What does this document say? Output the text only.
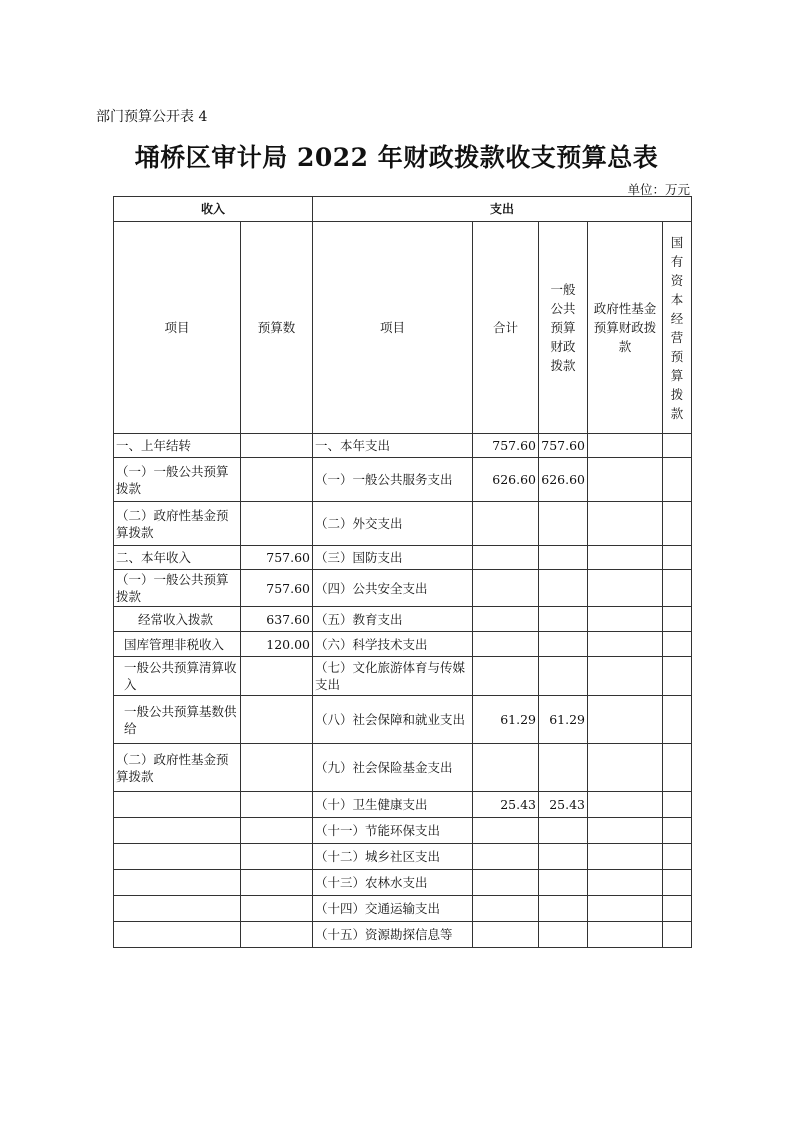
部门预算公开表 4
埇桥区审计局 2022 年财政拨款收支预算总表
单位：万元
收入		支出				
项目	预算数	项目	合计	一般公共预算财政拨款	政府性基金预算财政拨款	国有资本经营预算拨款

一、上年结转		一、本年支出	757.60	757.60		
（一）一般公共预算拨款		（一）一般公共服务支出	626.60	626.60		
（二）政府性基金预算拨款		（二）外交支出				
二、本年收入	757.60	（三）国防支出				
（一）一般公共预算 拨款	757.60	（四）公共安全支出				
经常收入拨款	637.60	（五）教育支出				
国库管理非税收入	120.00	（六）科学技术支出				
一般公共预算清算收入		（七）文化旅游体育与传媒支出				
一般公共预算基数供给		（八）社会保障和就业支出	61.29	61.29		
（二）政府性基金预 算拨款		（九）社会保险基金支出				
		（十）卫生健康支出	25.43	25.43		
		（十一）节能环保支出				
		（十二）城乡社区支出				
		（十三）农林水支出				
		（十四）交通运输支出				
		（十五）资源勘探信息等				
